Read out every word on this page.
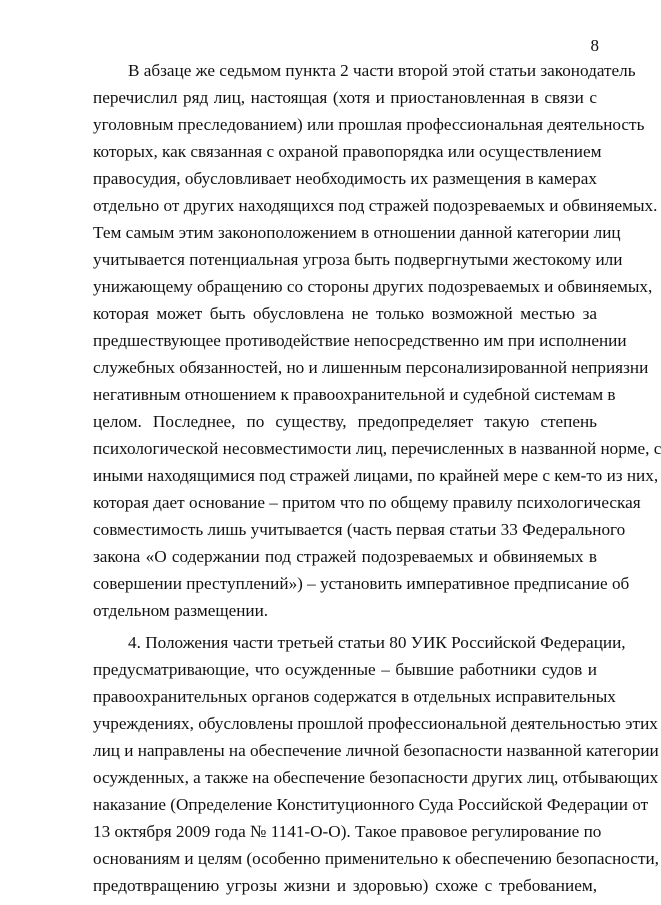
8
В абзаце же седьмом пункта 2 части второй этой статьи законодатель
перечислил ряд лиц, настоящая (хотя и приостановленная в связи с
уголовным преследованием) или прошлая профессиональная деятельность
которых, как связанная с охраной правопорядка или осуществлением
правосудия, обусловливает необходимость их размещения в камерах
отдельно от других находящихся под стражей подозреваемых и обвиняемых.
Тем самым этим законоположением в отношении данной категории лиц
учитывается потенциальная угроза быть подвергнутыми жестокому или
унижающему обращению со стороны других подозреваемых и обвиняемых,
которая может быть обусловлена не только возможной местью за
предшествующее противодействие непосредственно им при исполнении
служебных обязанностей, но и лишенным персонализированной неприязни
негативным отношением к правоохранительной и судебной системам в
целом. Последнее, по существу, предопределяет такую степень
психологической несовместимости лиц, перечисленных в названной норме, с
иными находящимися под стражей лицами, по крайней мере с кем-то из них,
которая дает основание – притом что по общему правилу психологическая
совместимость лишь учитывается (часть первая статьи 33 Федерального
закона «О содержании под стражей подозреваемых и обвиняемых в
совершении преступлений») – установить императивное предписание об
отдельном размещении.
4. Положения части третьей статьи 80 УИК Российской Федерации,
предусматривающие, что осужденные – бывшие работники судов и
правоохранительных органов содержатся в отдельных исправительных
учреждениях, обусловлены прошлой профессиональной деятельностью этих
лиц и направлены на обеспечение личной безопасности названной категории
осужденных, а также на обеспечение безопасности других лиц, отбывающих
наказание (Определение Конституционного Суда Российской Федерации от
13 октября 2009 года № 1141-О-О). Такое правовое регулирование по
основаниям и целям (особенно применительно к обеспечению безопасности,
предотвращению угрозы жизни и здоровью) схоже с требованием,
